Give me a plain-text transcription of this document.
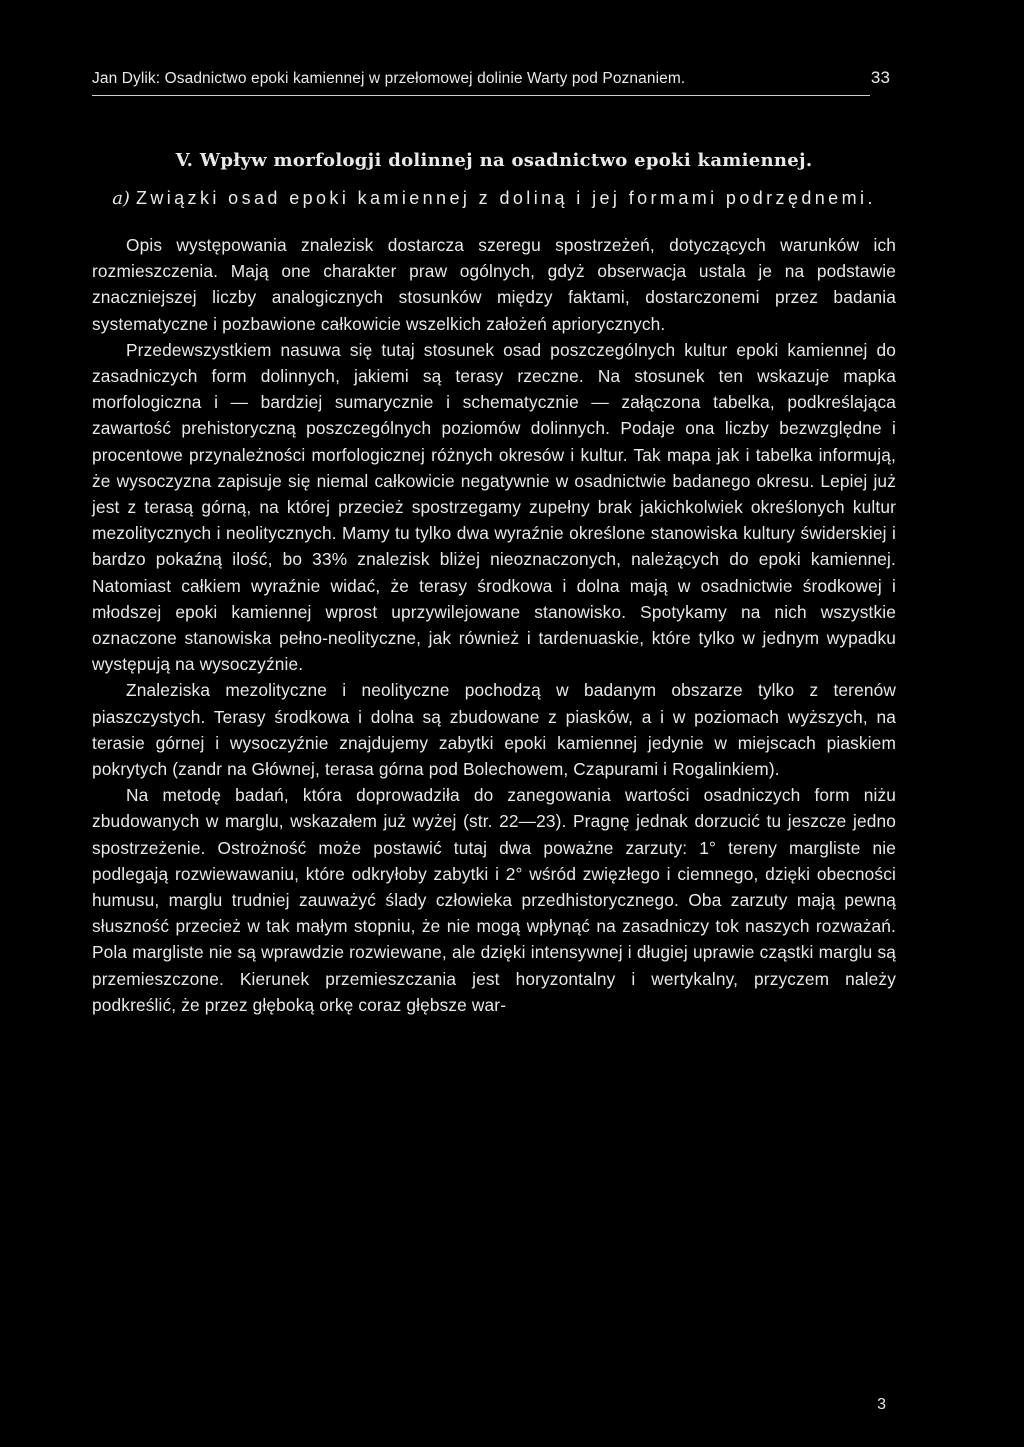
Jan Dylik: Osadnictwo epoki kamiennej w przełomowej dolinie Warty pod Poznaniem.	33
V. Wpływ morfologji dolinnej na osadnictwo epoki kamiennej.
a) Związki osad epoki kamiennej z doliną i jej formami podrzędnemi.

Opis występowania znalezisk dostarcza szeregu spostrzeżeń, dotyczących warunków ich rozmieszczenia. Mają one charakter praw ogólnych, gdyż obserwacja ustala je na podstawie znaczniejszej liczby analogicznych stosunków między faktami, dostarczonemi przez badania systematyczne i pozbawione całkowicie wszelkich założeń apriorycznych.

Przedewszystkiem nasuwa się tutaj stosunek osad poszczególnych kultur epoki kamiennej do zasadniczych form dolinnych, jakiemi są terasy rzeczne. Na stosunek ten wskazuje mapka morfologiczna i — bardziej sumarycznie i schematycznie — załączona tabelka, podkreślająca zawartość prehistoryczną poszczególnych poziomów dolinnych. Podaje ona liczby bezwzględne i procentowe przynależności morfologicznej różnych okresów i kultur. Tak mapa jak i tabelka informują, że wysoczyzna zapisuje się niemal całkowicie negatywnie w osadnictwie badanego okresu. Lepiej już jest z terasą górną, na której przecież spostrzegamy zupełny brak jakichkolwiek określonych kultur mezolitycznych i neolitycznych. Mamy tu tylko dwa wyraźnie określone stanowiska kultury świderskiej i bardzo pokaźną ilość, bo 33% znalezisk bliżej nieoznaczonych, należących do epoki kamiennej. Natomiast całkiem wyraźnie widać, że terasy środkowa i dolna mają w osadnictwie środkowej i młodszej epoki kamiennej wprost uprzywilejowane stanowisko. Spotykamy na nich wszystkie oznaczone stanowiska pełno-neolityczne, jak również i tardenuaskie, które tylko w jednym wypadku występują na wysoczyźnie.

Znaleziska mezolityczne i neolityczne pochodzą w badanym obszarze tylko z terenów piaszczystych. Terasy środkowa i dolna są zbudowane z piasków, a i w poziomach wyższych, na terasie górnej i wysoczyźnie znajdujemy zabytki epoki kamiennej jedynie w miejscach piaskiem pokrytych (zandr na Głównej, terasa górna pod Bolechowem, Czapurami i Rogalinkiem).

Na metodę badań, która doprowadziła do zanegowania wartości osadniczych form niżu zbudowanych w marglu, wskazałem już wyżej (str. 22—23). Pragnę jednak dorzucić tu jeszcze jedno spostrzeżenie. Ostrożność może postawić tutaj dwa poważne zarzuty: 1° tereny margliste nie podlegają rozwiewawaniu, które odkryłoby zabytki i 2° wśród zwięzłego i ciemnego, dzięki obecności humusu, marglu trudniej zauważyć ślady człowieka przedhistorycznego. Oba zarzuty mają pewną słuszność przecież w tak małym stopniu, że nie mogą wpłynąć na zasadniczy tok naszych rozważań. Pola margliste nie są wprawdzie rozwiewane, ale dzięki intensywnej i długiej uprawie cząstki marglu są przemieszczone. Kierunek przemieszczania jest horyzontalny i wertykalny, przyczem należy podkreślić, że przez głęboką orkę coraz głębsze war-

3
